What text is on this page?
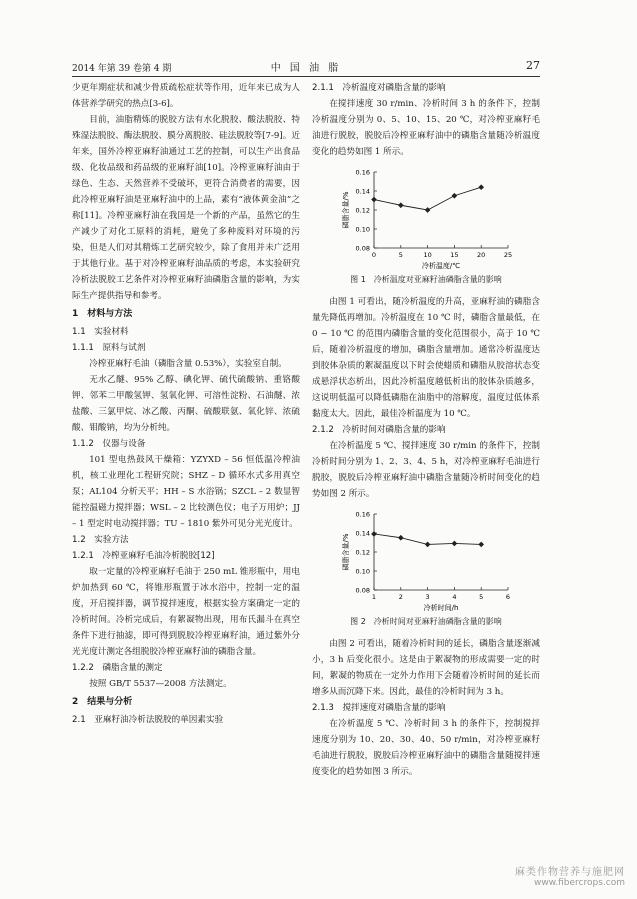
2014 年第 39 卷第 4 期	中 国 油 脂	27

少更年期症状和减少骨质疏松症状等作用，近年来已成为人体营养学研究的热点[3-6]。

目前，油脂精炼的脱胶方法有水化脱胶、酸法脱胶、特殊湿法脱胶、酶法脱胶、膜分离脱胶、硅法脱胶等[7-9]。近年来，国外冷榨亚麻籽油通过工艺的控制，可以生产出食品级、化妆品级和药品级的亚麻籽油[10]。冷榨亚麻籽油由于绿色、生态、天然营养不受破坏，更符合消费者的需要，因此冷榨亚麻籽油是亚麻籽油中的上品，素有“液体黄金油”之称[11]。冷榨亚麻籽油在我国是一个新的产品，虽然它的生产减少了对化工原料的消耗，避免了多种废料对环境的污染，但是人们对其精炼工艺研究较少，除了食用并未广泛用于其他行业。基于对冷榨亚麻籽油品质的考虑，本实验研究冷析法脱胶工艺条件对冷榨亚麻籽油磷脂含量的影响，为实际生产提供指导和参考。

1　材料与方法

1.1　实验材料

1.1.1　原料与试剂

冷榨亚麻籽毛油（磷脂含量 0.53%），实验室自制。

无水乙醚、95% 乙醇、碘化钾、硫代硫酸钠、重铬酸钾、邻苯二甲酸氢钾、氢氧化钾、可溶性淀粉、石油醚、浓盐酸、三氯甲烷、冰乙酸、丙酮、硫酸联氨、氧化锌、浓硫酸、钼酸钠，均为分析纯。

1.1.2　仪器与设备

101 型电热鼓风干燥箱：YZYXD – 56 恒低温冷榨油机，核工业理化工程研究院；SHZ – D 循环水式多用真空泵；AL104 分析天平；HH – S 水浴锅；SZCL – 2 数显智能控温磁力搅拌器；WSL – 2 比较测色仪；电子万用炉；JJ – 1 型定时电动搅拌器；TU – 1810 紫外可见分光光度计。

1.2　实验方法

1.2.1　冷榨亚麻籽毛油冷析脱胶[12]

取一定量的冷榨亚麻籽毛油于 250 mL 锥形瓶中，用电炉加热到 60 ℃，将锥形瓶置于冰水浴中，控制一定的温度，开启搅拌器，调节搅拌速度，根据实验方案确定一定的冷析时间。冷析完成后，有絮凝物出现，用布氏漏斗在真空条件下进行抽滤，即可得到脱胶冷榨亚麻籽油，通过紫外分光光度计测定各组脱胶冷榨亚麻籽油的磷脂含量。

1.2.2　磷脂含量的测定

按照 GB/T 5537—2008 方法测定。

2　结果与分析

2.1　亚麻籽油冷析法脱胶的单因素实验

2.1.1　冷析温度对磷脂含量的影响

在搅拌速度 30 r/min、冷析时间 3 h 的条件下，控制冷析温度分别为 0、5、10、15、20 ℃，对冷榨亚麻籽毛油进行脱胶，脱胶后冷榨亚麻籽油中的磷脂含量随冷析温度变化的趋势如图 1 所示。

0.08
0.10
0.12
0.14
0.16
0	5	10	15	20	25
冷析温度/℃
磷脂含量/%
图 1　冷析温度对亚麻籽油磷脂含量的影响

由图 1 可看出，随冷析温度的升高，亚麻籽油的磷脂含量先降低再增加。冷析温度在 10 ℃ 时，磷脂含量最低，在 0 ~ 10 ℃ 的范围内磷脂含量的变化范围很小，高于 10 ℃ 后，随着冷析温度的增加，磷脂含量增加。通常冷析温度达到胶体杂质的絮凝温度以下时会使蜡质和磷脂从胶溶状态变成悬浮状态析出，因此冷析温度越低析出的胶体杂质越多，这说明低温可以降低磷脂在油脂中的溶解度，温度过低体系黏度太大。因此，最佳冷析温度为 10 ℃。

2.1.2　冷析时间对磷脂含量的影响

在冷析温度 5 ℃、搅拌速度 30 r/min 的条件下，控制冷析时间分别为 1、2、3、4、5 h，对冷榨亚麻籽毛油进行脱胶，脱胶后冷榨亚麻籽油中磷脂含量随冷析时间变化的趋势如图 2 所示。

0.08
0.10
0.12
0.14
0.16
1	2	3	4	5	6
冷析时间/h
磷脂含量/%
图 2　冷析时间对亚麻籽油磷脂含量的影响

由图 2 可看出，随着冷析时间的延长，磷脂含量逐渐减小，3 h 后变化很小。这是由于絮凝物的形成需要一定的时间，絮凝的物质在一定外力作用下会随着冷析时间的延长而增多从而沉降下来。因此，最佳的冷析时间为 3 h。

2.1.3　搅拌速度对磷脂含量的影响

在冷析温度 5 ℃、冷析时间 3 h 的条件下，控制搅拌速度分别为 10、20、30、40、50 r/min，对冷榨亚麻籽毛油进行脱胶，脱胶后冷榨亚麻籽油中的磷脂含量随搅拌速度变化的趋势如图 3 所示。

麻类作物营养与施肥网
www.fibercrops.com
